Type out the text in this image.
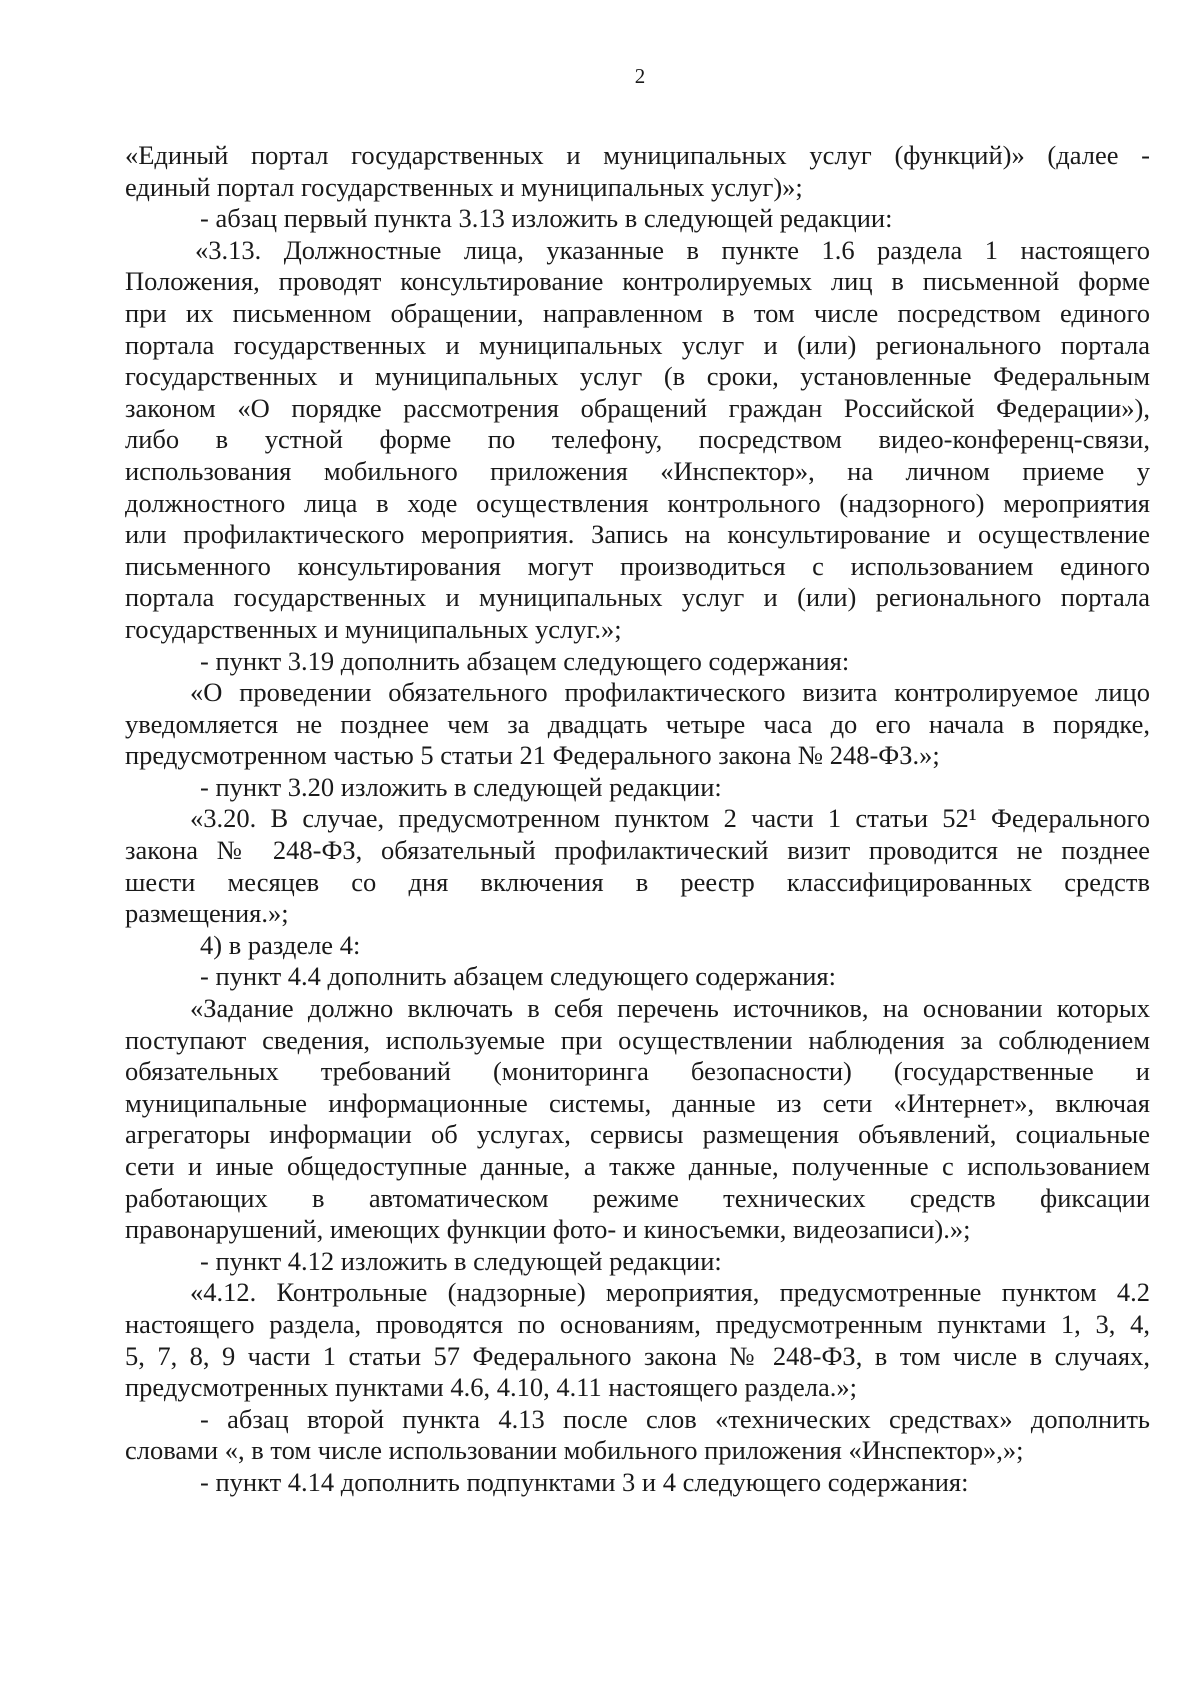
2
«Единый портал государственных и муниципальных услуг (функций)» (далее -
единый портал государственных и муниципальных услуг)»;
- абзац первый пункта 3.13 изложить в следующей редакции:
«3.13. Должностные лица, указанные в пункте 1.6 раздела 1 настоящего
Положения, проводят консультирование контролируемых лиц в письменной форме
при их письменном обращении, направленном в том числе посредством единого
портала государственных и муниципальных услуг и (или) регионального портала
государственных и муниципальных услуг (в сроки, установленные Федеральным
законом «О порядке рассмотрения обращений граждан Российской Федерации»),
либо в устной форме по телефону, посредством видео-конференц-связи,
использования мобильного приложения «Инспектор», на личном приеме у
должностного лица в ходе осуществления контрольного (надзорного) мероприятия
или профилактического мероприятия. Запись на консультирование и осуществление
письменного консультирования могут производиться с использованием единого
портала государственных и муниципальных услуг и (или) регионального портала
государственных и муниципальных услуг.»;
- пункт 3.19 дополнить абзацем следующего содержания:
«О проведении обязательного профилактического визита контролируемое лицо
уведомляется не позднее чем за двадцать четыре часа до его начала в порядке,
предусмотренном частью 5 статьи 21 Федерального закона № 248-ФЗ.»;
- пункт 3.20 изложить в следующей редакции:
«3.20. В случае, предусмотренном пунктом 2 части 1 статьи 52¹ Федерального
закона № 248-ФЗ, обязательный профилактический визит проводится не позднее
шести месяцев со дня включения в реестр классифицированных средств
размещения.»;
4) в разделе 4:
- пункт 4.4 дополнить абзацем следующего содержания:
«Задание должно включать в себя перечень источников, на основании которых
поступают сведения, используемые при осуществлении наблюдения за соблюдением
обязательных требований (мониторинга безопасности) (государственные и
муниципальные информационные системы, данные из сети «Интернет», включая
агрегаторы информации об услугах, сервисы размещения объявлений, социальные
сети и иные общедоступные данные, а также данные, полученные с использованием
работающих в автоматическом режиме технических средств фиксации
правонарушений, имеющих функции фото- и киносъемки, видеозаписи).»;
- пункт 4.12 изложить в следующей редакции:
«4.12. Контрольные (надзорные) мероприятия, предусмотренные пунктом 4.2
настоящего раздела, проводятся по основаниям, предусмотренным пунктами 1, 3, 4,
5, 7, 8, 9 части 1 статьи 57 Федерального закона № 248-ФЗ, в том числе в случаях,
предусмотренных пунктами 4.6, 4.10, 4.11 настоящего раздела.»;
- абзац второй пункта 4.13 после слов «технических средствах» дополнить
словами «, в том числе использовании мобильного приложения «Инспектор»,»;
- пункт 4.14 дополнить подпунктами 3 и 4 следующего содержания:
